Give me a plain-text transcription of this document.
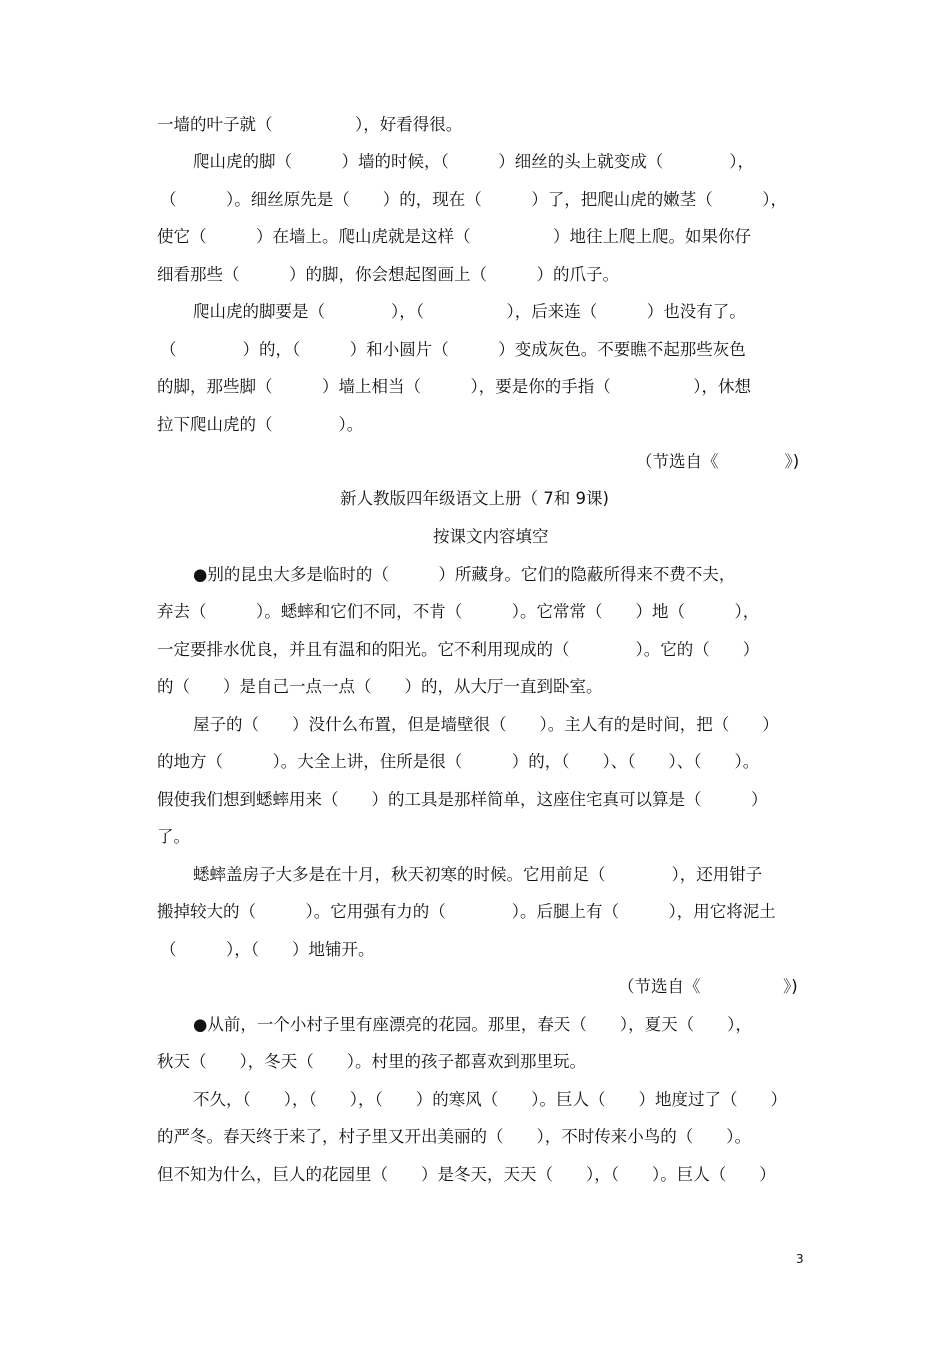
一墙的叶子就（　　　　　），好看得很。
爬山虎的脚（　　　）墙的时候，（　　　）细丝的头上就变成（　　　　），
（　　　）。细丝原先是（　　）的，现在（　　　）了，把爬山虎的嫩茎（　　　），
使它（　　　）在墙上。爬山虎就是这样（　　　　　）地往上爬上爬。如果你仔
细看那些（　　　）的脚，你会想起图画上（　　　）的爪子。
爬山虎的脚要是（　　　　），（　　　　　），后来连（　　　）也没有了。
（　　　　）的，（　　　）和小圆片（　　　）变成灰色。不要瞧不起那些灰色
的脚，那些脚（　　　）墙上相当（　　　），要是你的手指（　　　　　），休想
拉下爬山虎的（　　　　）。
（节选自《　　　　》)
新人教版四年级语文上册（ 7和 9课)
按课文内容填空
●别的昆虫大多是临时的（　　　）所藏身。它们的隐蔽所得来不费不夫，
弃去（　　　）。蟋蟀和它们不同，不肯（　　　）。它常常（　　）地（　　　），
一定要排水优良，并且有温和的阳光。它不利用现成的（　　　　）。它的（　　）
的（　　）是自己一点一点（　　）的，从大厅一直到卧室。
屋子的（　　）没什么布置，但是墙壁很（　　）。主人有的是时间，把（　　）
的地方（　　　）。大全上讲，住所是很（　　　）的，（　　）、（　　）、（　　）。
假使我们想到蟋蟀用来（　　）的工具是那样简单，这座住宅真可以算是（　　　）
了。
蟋蟀盖房子大多是在十月，秋天初寒的时候。它用前足（　　　　），还用钳子
搬掉较大的（　　　）。它用强有力的（　　　　）。后腿上有（　　　），用它将泥土
（　　　），（　　）地铺开。
（节选自《　　　　　》)
●从前，一个小村子里有座漂亮的花园。那里，春天（　　），夏天（　　），
秋天（　　），冬天（　　）。村里的孩子都喜欢到那里玩。
不久，（　　），（　　），（　　）的寒风（　　）。巨人（　　）地度过了（　　）
的严冬。春天终于来了，村子里又开出美丽的（　　），不时传来小鸟的（　　）。
但不知为什么，巨人的花园里（　　）是冬天，天天（　　），（　　）。巨人（　　）
3
